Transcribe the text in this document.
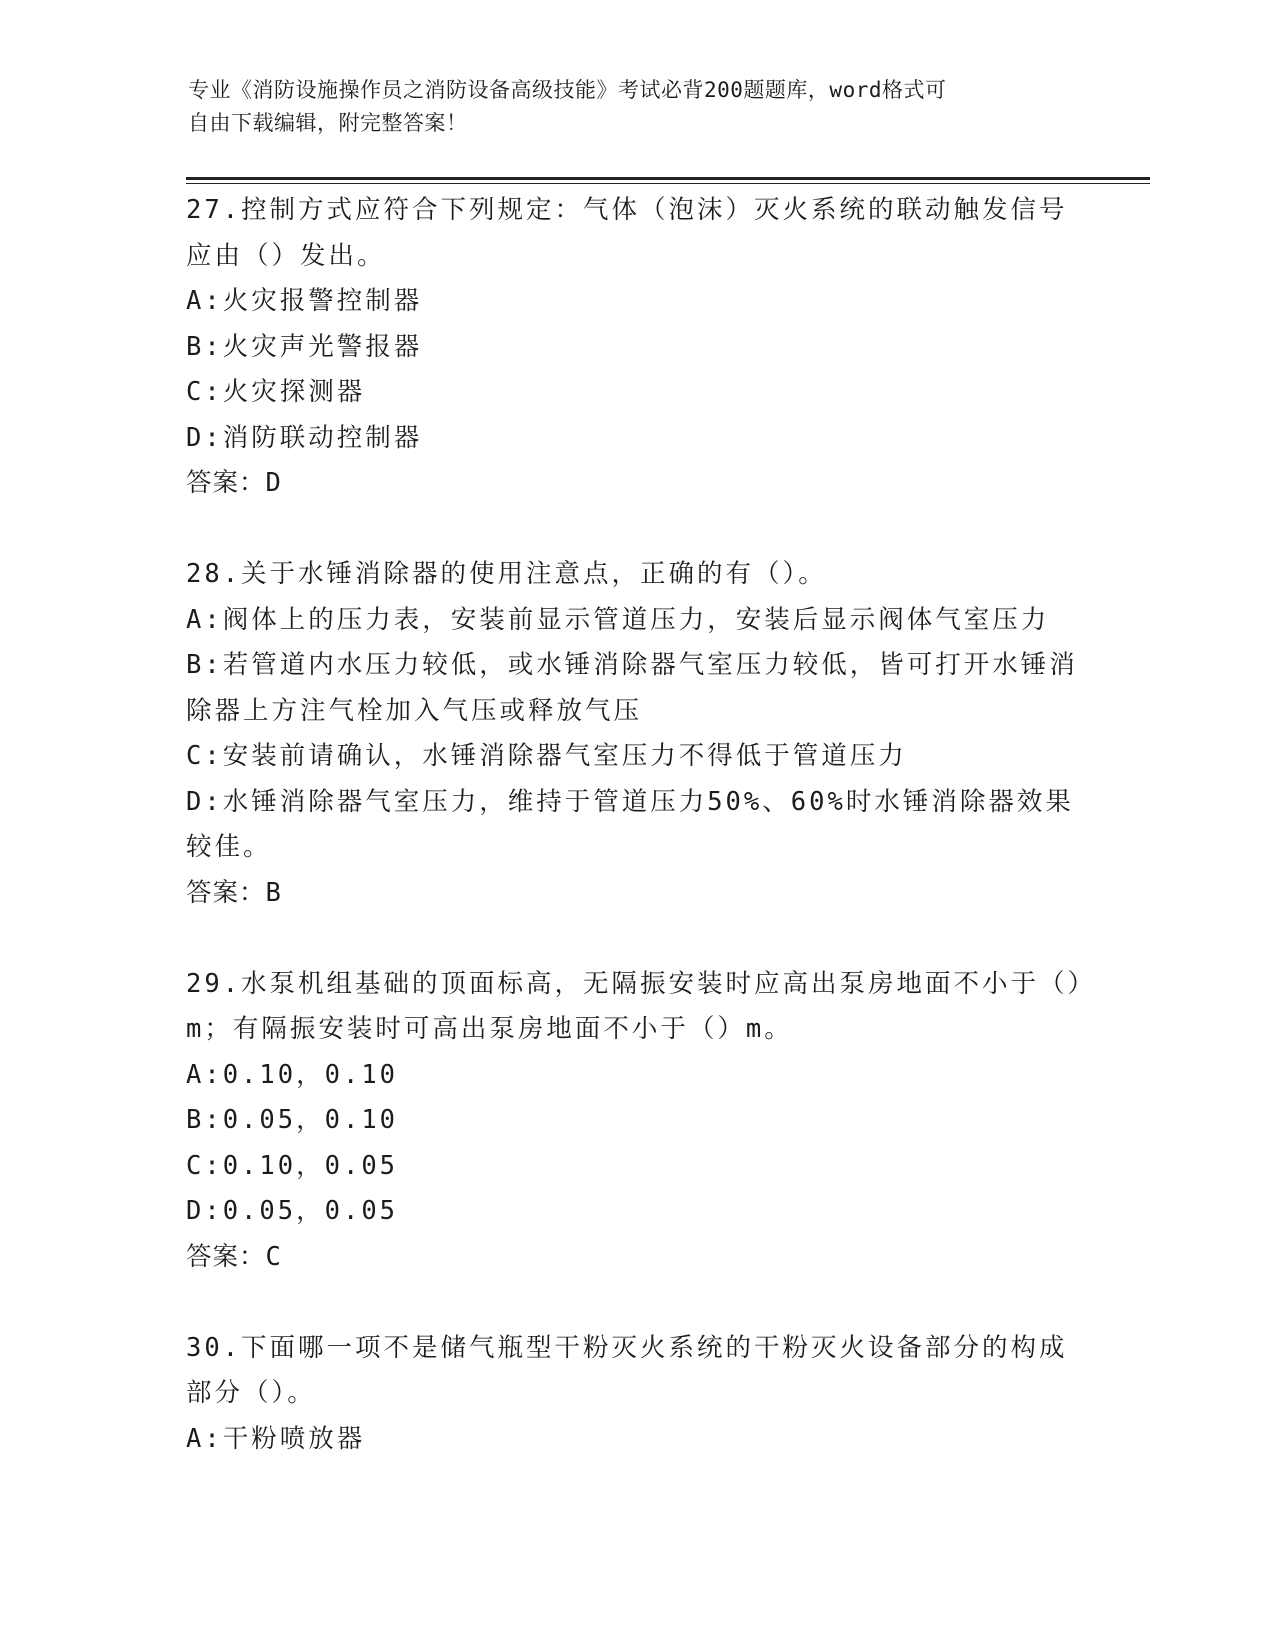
专业《消防设施操作员之消防设备高级技能》考试必背200题题库，word格式可
自由下载编辑，附完整答案！

27.控制方式应符合下列规定：气体（泡沫）灭火系统的联动触发信号应由（）发出。

A:火灾报警控制器

B:火灾声光警报器

C:火灾探测器

D:消防联动控制器

答案：D

28.关于水锤消除器的使用注意点，正确的有（）。

A:阀体上的压力表，安装前显示管道压力，安装后显示阀体气室压力

B:若管道内水压力较低，或水锤消除器气室压力较低，皆可打开水锤消除器上方注气栓加入气压或释放气压

C:安装前请确认，水锤消除器气室压力不得低于管道压力

D:水锤消除器气室压力，维持于管道压力50%、60%时水锤消除器效果较佳。

答案：B

29.水泵机组基础的顶面标高，无隔振安装时应高出泵房地面不小于（）m；有隔振安装时可高出泵房地面不小于（）m。

A:0.10，0.10

B:0.05，0.10

C:0.10，0.05

D:0.05，0.05

答案：C

30.下面哪一项不是储气瓶型干粉灭火系统的干粉灭火设备部分的构成部分（）。

A:干粉喷放器
